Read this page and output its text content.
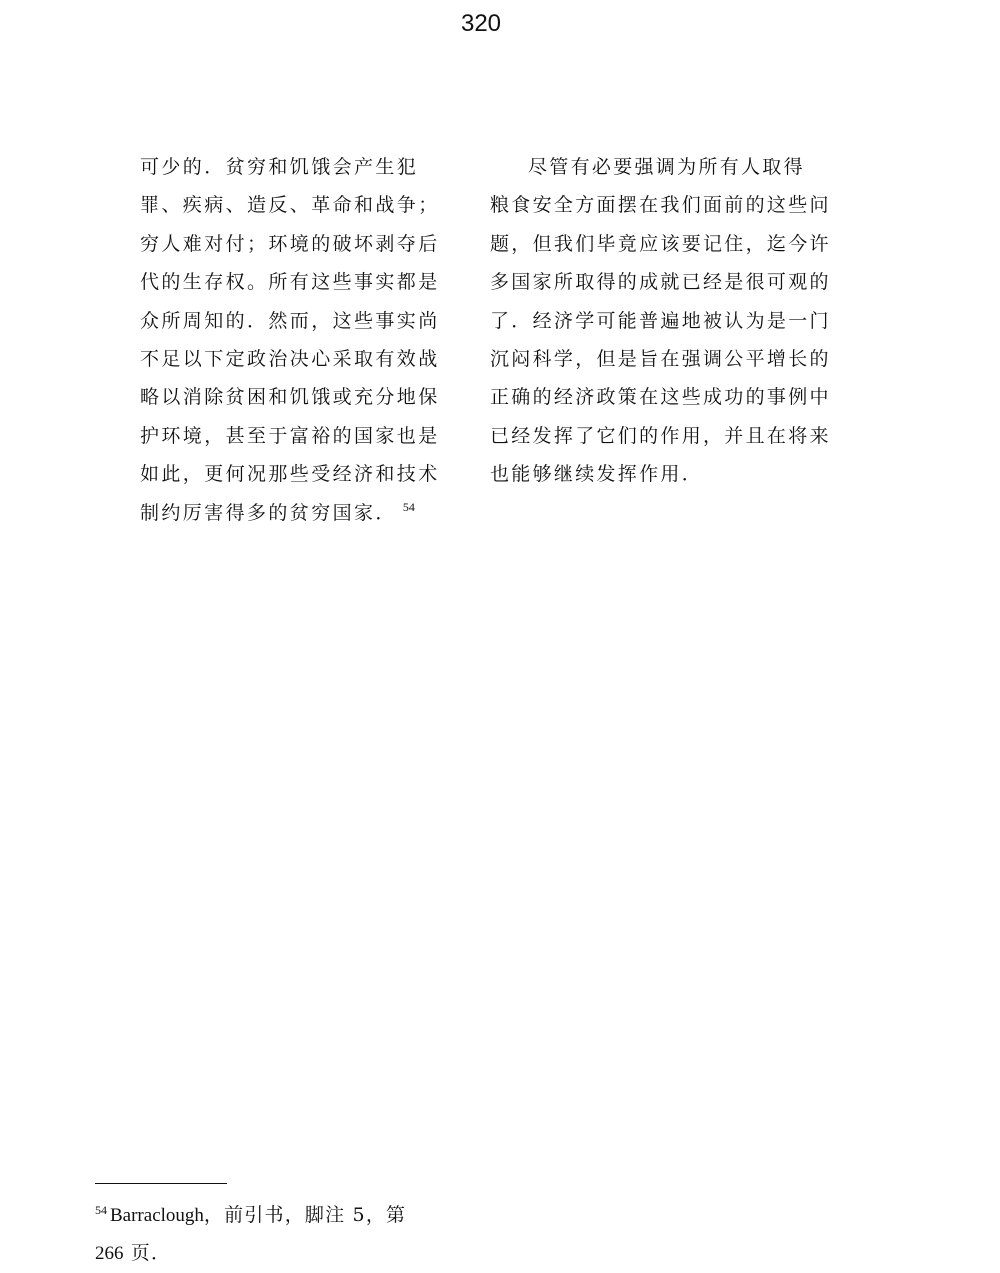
320
可少的．贫穷和饥饿会产生犯
罪、疾病、造反、革命和战争；
穷人难对付；环境的破坏剥夺后
代的生存权。所有这些事实都是
众所周知的．然而，这些事实尚
不足以下定政治决心采取有效战
略以消除贫困和饥饿或充分地保
护环境，甚至于富裕的国家也是
如此，更何况那些受经济和技术
制约厉害得多的贫穷国家． $^{54}$
尽管有必要强调为所有人取得
粮食安全方面摆在我们面前的这些问
题，但我们毕竟应该要记住，迄今许
多国家所取得的成就已经是很可观的
了．经济学可能普遍地被认为是一门
沉闷科学，但是旨在强调公平增长的
正确的经济政策在这些成功的事例中
已经发挥了它们的作用，并且在将来
也能够继续发挥作用．
$^{54}$ Barraclough，前引书，脚注 5，第
266 页．
